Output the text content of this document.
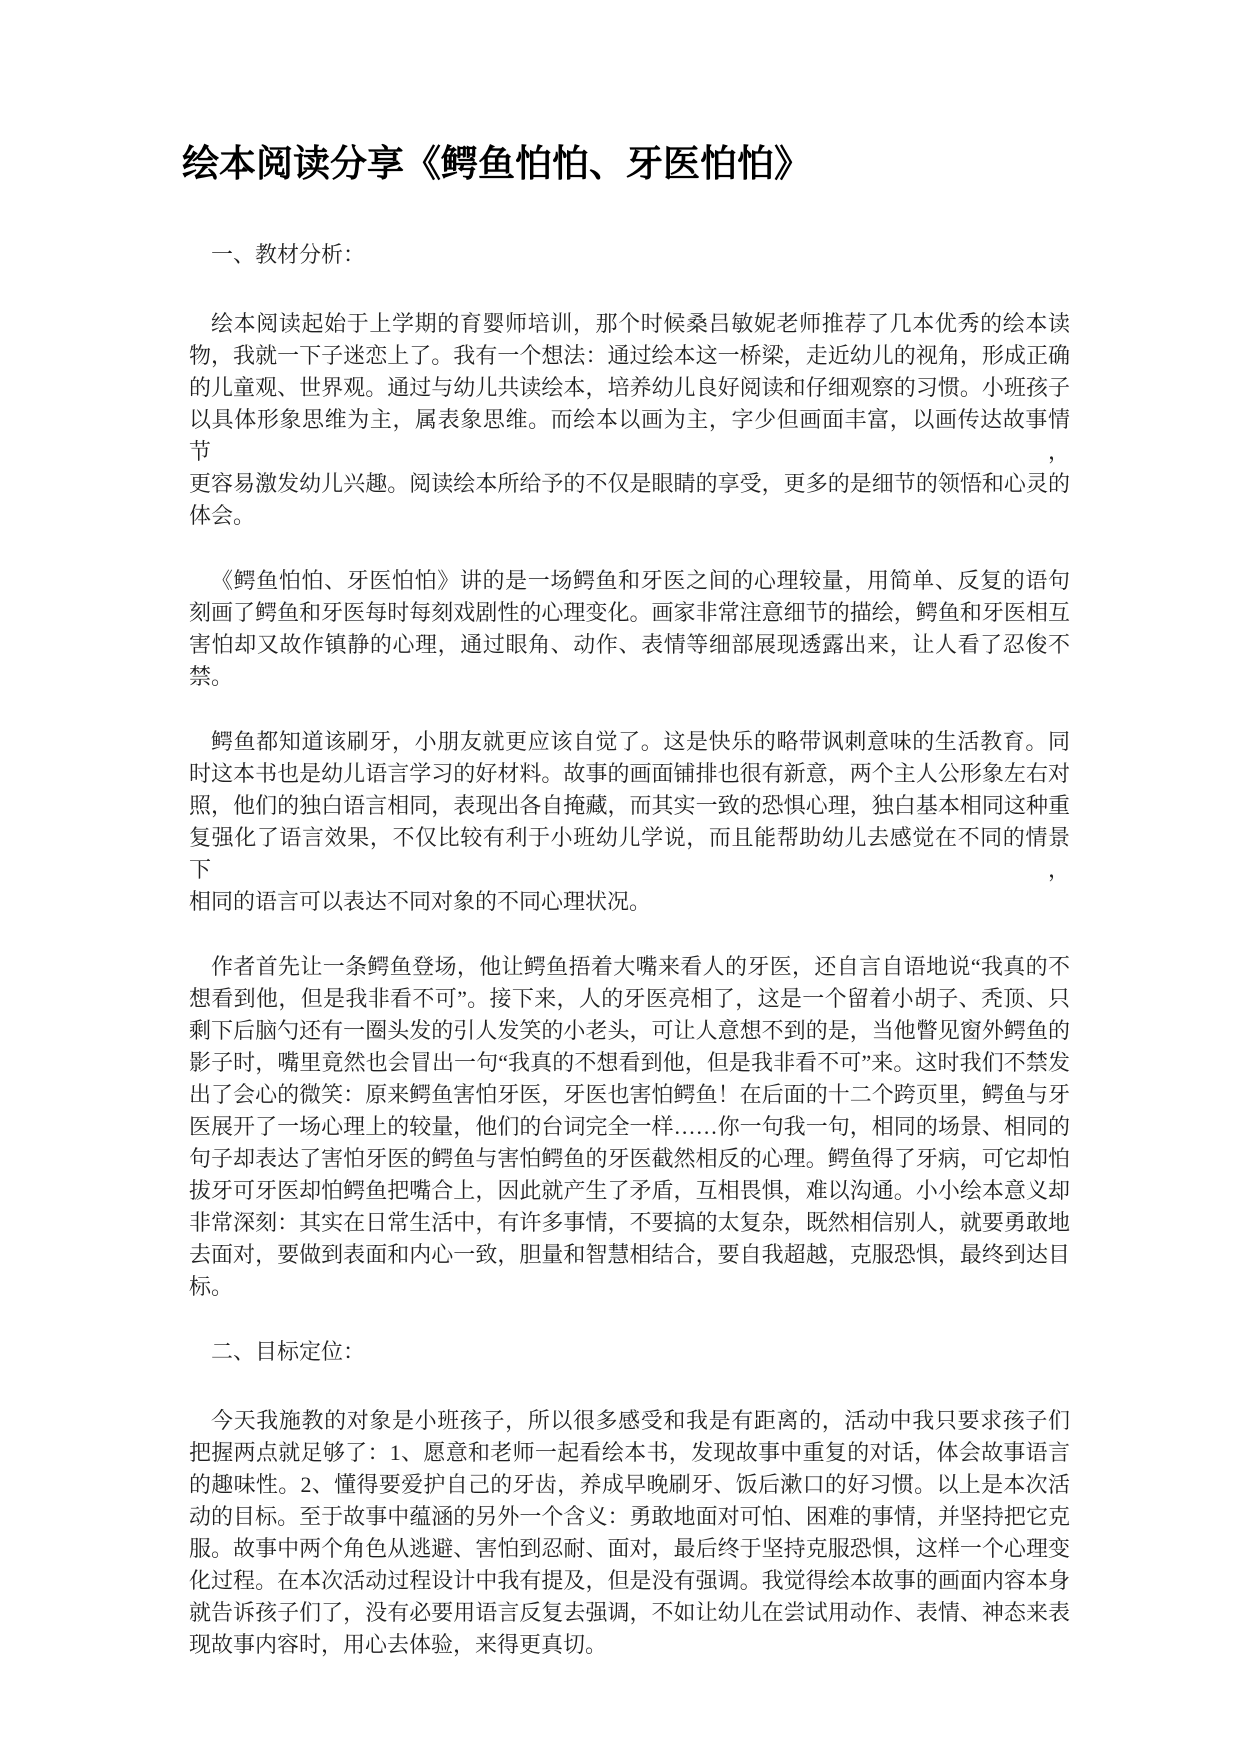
绘本阅读分享《鳄鱼怕怕、牙医怕怕》
一、教材分析：
绘本阅读起始于上学期的育婴师培训，那个时候桑吕敏妮老师推荐了几本优秀的绘本读
物，我就一下子迷恋上了。我有一个想法：通过绘本这一桥梁，走近幼儿的视角，形成正确
的儿童观、世界观。通过与幼儿共读绘本，培养幼儿良好阅读和仔细观察的习惯。小班孩子
以具体形象思维为主，属表象思维。而绘本以画为主，字少但画面丰富，以画传达故事情节，
更容易激发幼儿兴趣。阅读绘本所给予的不仅是眼睛的享受，更多的是细节的领悟和心灵的
体会。
《鳄鱼怕怕、牙医怕怕》讲的是一场鳄鱼和牙医之间的心理较量，用简单、反复的语句
刻画了鳄鱼和牙医每时每刻戏剧性的心理变化。画家非常注意细节的描绘，鳄鱼和牙医相互
害怕却又故作镇静的心理，通过眼角、动作、表情等细部展现透露出来，让人看了忍俊不禁。
鳄鱼都知道该刷牙，小朋友就更应该自觉了。这是快乐的略带讽刺意味的生活教育。同
时这本书也是幼儿语言学习的好材料。故事的画面铺排也很有新意，两个主人公形象左右对
照，他们的独白语言相同，表现出各自掩藏，而其实一致的恐惧心理，独白基本相同这种重
复强化了语言效果，不仅比较有利于小班幼儿学说，而且能帮助幼儿去感觉在不同的情景下，
相同的语言可以表达不同对象的不同心理状况。
作者首先让一条鳄鱼登场，他让鳄鱼捂着大嘴来看人的牙医，还自言自语地说“我真的不
想看到他，但是我非看不可”。接下来，人的牙医亮相了，这是一个留着小胡子、秃顶、只
剩下后脑勺还有一圈头发的引人发笑的小老头，可让人意想不到的是，当他瞥见窗外鳄鱼的
影子时，嘴里竟然也会冒出一句“我真的不想看到他，但是我非看不可”来。这时我们不禁发
出了会心的微笑：原来鳄鱼害怕牙医，牙医也害怕鳄鱼！在后面的十二个跨页里，鳄鱼与牙
医展开了一场心理上的较量，他们的台词完全一样……你一句我一句，相同的场景、相同的
句子却表达了害怕牙医的鳄鱼与害怕鳄鱼的牙医截然相反的心理。鳄鱼得了牙病，可它却怕
拔牙可牙医却怕鳄鱼把嘴合上，因此就产生了矛盾，互相畏惧，难以沟通。小小绘本意义却
非常深刻：其实在日常生活中，有许多事情，不要搞的太复杂，既然相信别人，就要勇敢地
去面对，要做到表面和内心一致，胆量和智慧相结合，要自我超越，克服恐惧，最终到达目
标。
二、目标定位：
今天我施教的对象是小班孩子，所以很多感受和我是有距离的，活动中我只要求孩子们
把握两点就足够了：1、愿意和老师一起看绘本书，发现故事中重复的对话，体会故事语言
的趣味性。2、懂得要爱护自己的牙齿，养成早晚刷牙、饭后漱口的好习惯。以上是本次活
动的目标。至于故事中蕴涵的另外一个含义：勇敢地面对可怕、困难的事情，并坚持把它克
服。故事中两个角色从逃避、害怕到忍耐、面对，最后终于坚持克服恐惧，这样一个心理变
化过程。在本次活动过程设计中我有提及，但是没有强调。我觉得绘本故事的画面内容本身
就告诉孩子们了，没有必要用语言反复去强调，不如让幼儿在尝试用动作、表情、神态来表
现故事内容时，用心去体验，来得更真切。
